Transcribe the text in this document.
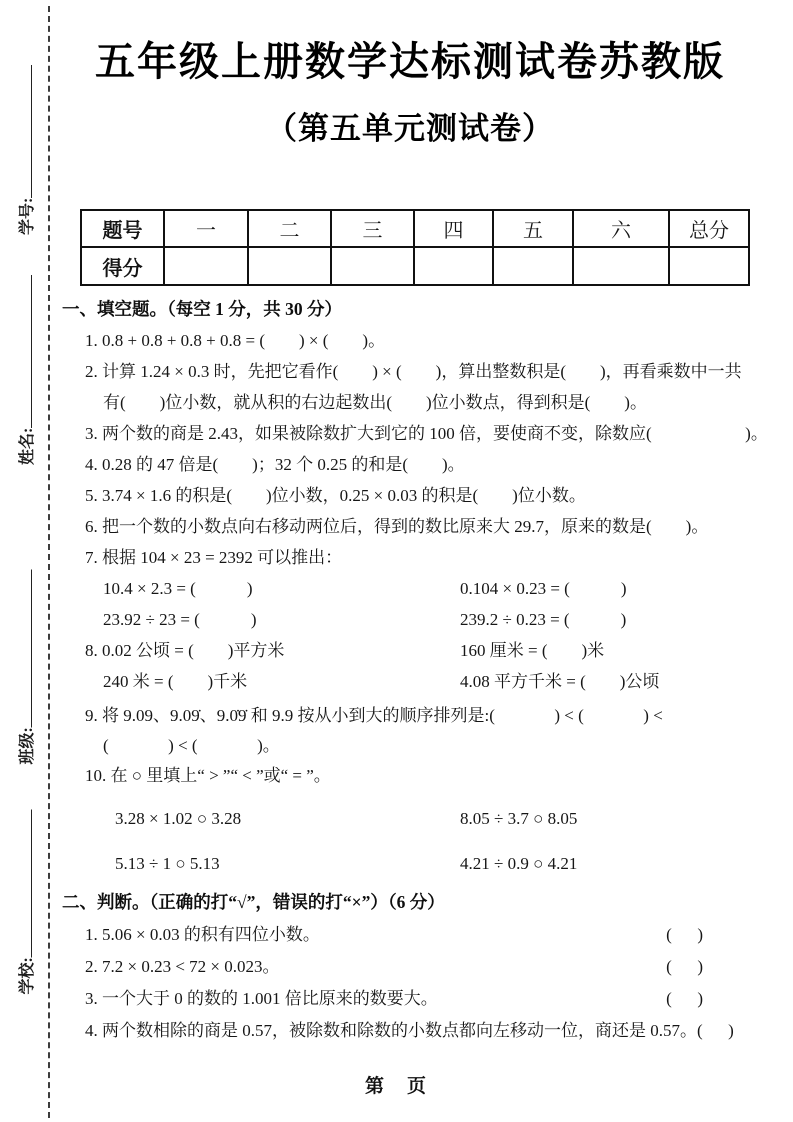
学号:
姓名:
班级:
学校:
五年级上册数学达标测试卷苏教版
（第五单元测试卷）
题号	一	二	三	四	五	六	总分
得分							
一、填空题。（每空 1 分，共 30 分）
1. 0.8 + 0.8 + 0.8 + 0.8 = (        ) × (        )。
2. 计算 1.24 × 0.3 时，先把它看作(        ) × (        )，算出整数积是(        )，再看乘数中一共
有(        )位小数，就从积的右边起数出(        )位小数点，得到积是(        )。
3. 两个数的商是 2.43，如果被除数扩大到它的 100 倍，要使商不变，除数应(                      )。
4. 0.28 的 47 倍是(        )；32 个 0.25 的和是(        )。
5. 3.74 × 1.6 的积是(        )位小数，0.25 × 0.03 的积是(        )位小数。
6. 把一个数的小数点向右移动两位后，得到的数比原来大 29.7，原来的数是(        )。
7. 根据 104 × 23 = 2392 可以推出：
10.4 × 2.3 = (            )	0.104 × 0.23 = (            )
23.92 ÷ 23 = (            )	239.2 ÷ 0.23 = (            )
8. 0.02 公顷 = (        )平方米	160 厘米 = (        )米
240 米 = (        )千米	4.08 平方千米 = (        )公顷
9. 将 9.09、9.09̇、9.0̇9̇ 和 9.9 按从小到大的顺序排列是:(              ) < (              ) <
(              ) < (              )。
10. 在 ○ 里填上“ > ”“ < ”或“ = ”。
3.28 × 1.02 ○ 3.28	8.05 ÷ 3.7 ○ 8.05
5.13 ÷ 1 ○ 5.13	4.21 ÷ 0.9 ○ 4.21
二、判断。（正确的打“√”，错误的打“×”）（6 分）
1. 5.06 × 0.03 的积有四位小数。	(      )
2. 7.2 × 0.23 < 72 × 0.023。	(      )
3. 一个大于 0 的数的 1.001 倍比原来的数要大。	(      )
4. 两个数相除的商是 0.57，被除数和除数的小数点都向左移动一位，商还是 0.57。 (      )
第　页
